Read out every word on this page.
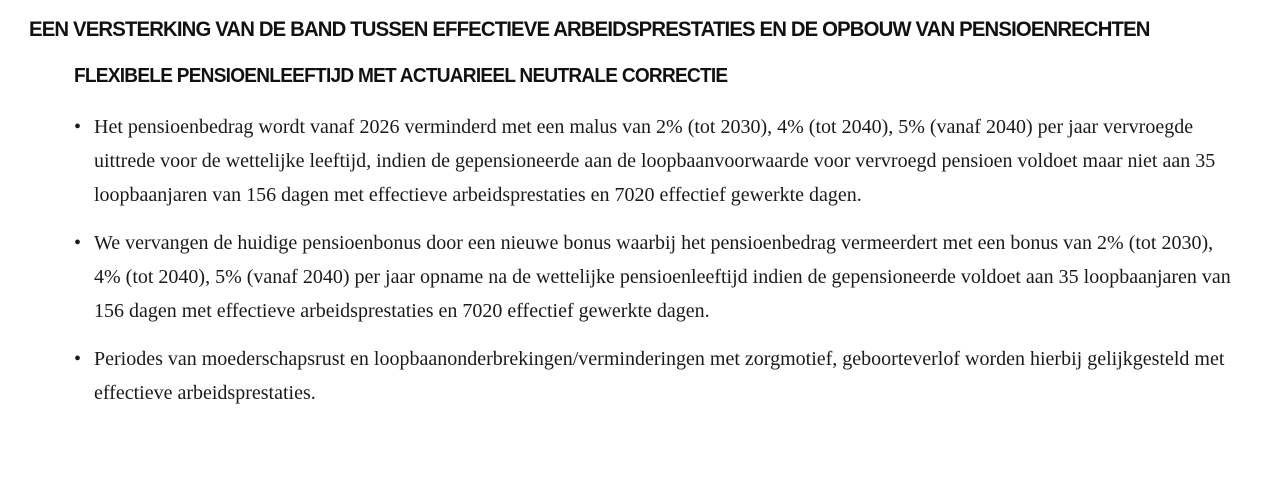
EEN VERSTERKING VAN DE BAND TUSSEN EFFECTIEVE ARBEIDSPRESTATIES EN DE OPBOUW VAN PENSIOENRECHTEN
FLEXIBELE PENSIOENLEEFTIJD MET ACTUARIEEL NEUTRALE CORRECTIE
• Het pensioenbedrag wordt vanaf 2026 verminderd met een malus van 2% (tot 2030), 4% (tot 2040), 5% (vanaf 2040) per jaar vervroegde uittrede voor de wettelijke leeftijd, indien de gepensioneerde aan de loopbaanvoorwaarde voor vervroegd pensioen voldoet maar niet aan 35 loopbaanjaren van 156 dagen met effectieve arbeidsprestaties en 7020 effectief gewerkte dagen.
• We vervangen de huidige pensioenbonus door een nieuwe bonus waarbij het pensioenbedrag vermeerdert met een bonus van 2% (tot 2030), 4% (tot 2040), 5% (vanaf 2040) per jaar opname na de wettelijke pensioenleeftijd indien de gepensioneerde voldoet aan 35 loopbaanjaren van 156 dagen met effectieve arbeidsprestaties en 7020 effectief gewerkte dagen.
• Periodes van moederschapsrust en loopbaanonderbrekingen/verminderingen met zorgmotief, geboorteverlof worden hierbij gelijkgesteld met effectieve arbeidsprestaties.
